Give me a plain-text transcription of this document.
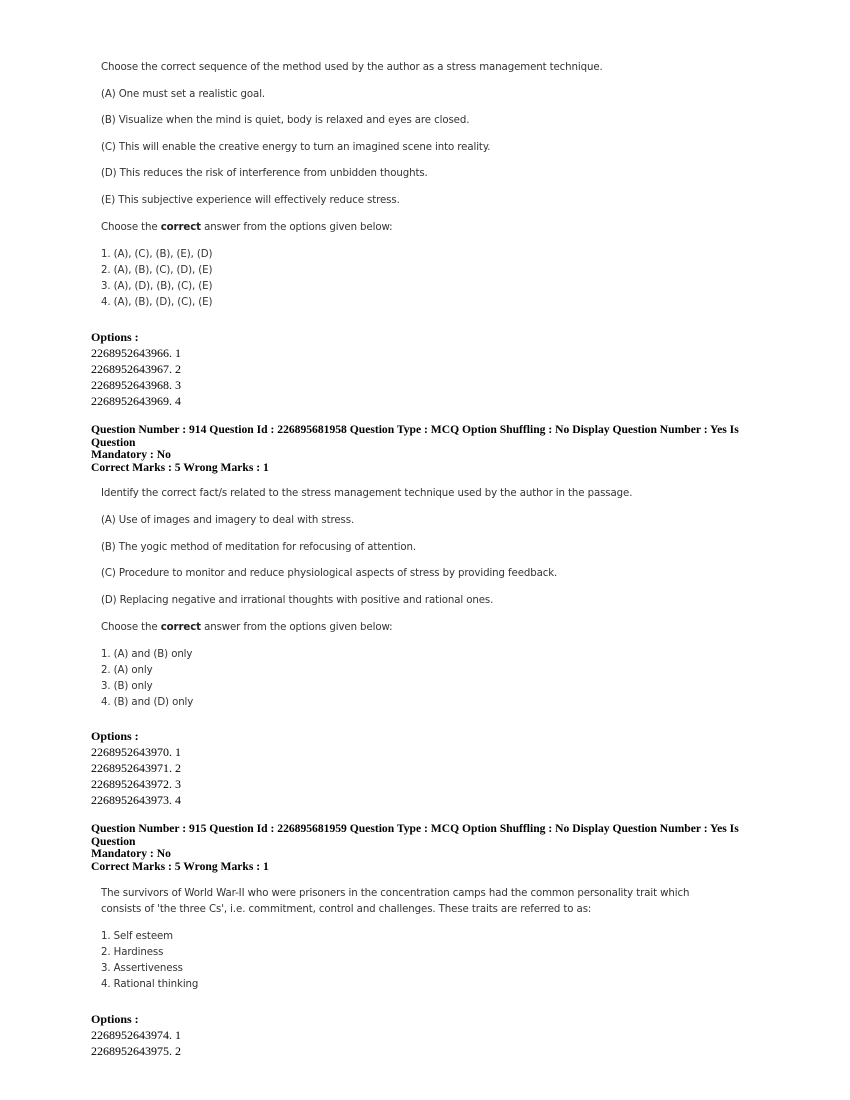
Choose the correct sequence of the method used by the author as a stress management technique.

(A) One must set a realistic goal.

(B) Visualize when the mind is quiet, body is relaxed and eyes are closed.

(C) This will enable the creative energy to turn an imagined scene into reality.

(D) This reduces the risk of interference from unbidden thoughts.

(E) This subjective experience will effectively reduce stress.

Choose the correct answer from the options given below:

1. (A), (C), (B), (E), (D)
2. (A), (B), (C), (D), (E)
3. (A), (D), (B), (C), (E)
4. (A), (B), (D), (C), (E)
Options :
2268952643966. 1
2268952643967. 2
2268952643968. 3
2268952643969. 4
Question Number : 914 Question Id : 226895681958 Question Type : MCQ Option Shuffling : No Display Question Number : Yes Is Question
Mandatory : No
Correct Marks : 5 Wrong Marks : 1

Identify the correct fact/s related to the stress management technique used by the author in the passage.

(A) Use of images and imagery to deal with stress.

(B) The yogic method of meditation for refocusing of attention.

(C) Procedure to monitor and reduce physiological aspects of stress by providing feedback.

(D) Replacing negative and irrational thoughts with positive and rational ones.

Choose the correct answer from the options given below:

1. (A) and (B) only
2. (A) only
3. (B) only
4. (B) and (D) only
Options :
2268952643970. 1
2268952643971. 2
2268952643972. 3
2268952643973. 4
Question Number : 915 Question Id : 226895681959 Question Type : MCQ Option Shuffling : No Display Question Number : Yes Is Question
Mandatory : No
Correct Marks : 5 Wrong Marks : 1

The survivors of World War-II who were prisoners in the concentration camps had the common personality trait which

consists of 'the three Cs', i.e. commitment, control and challenges. These traits are referred to as:

1. Self esteem
2. Hardiness
3. Assertiveness
4. Rational thinking
Options :
2268952643974. 1
2268952643975. 2
